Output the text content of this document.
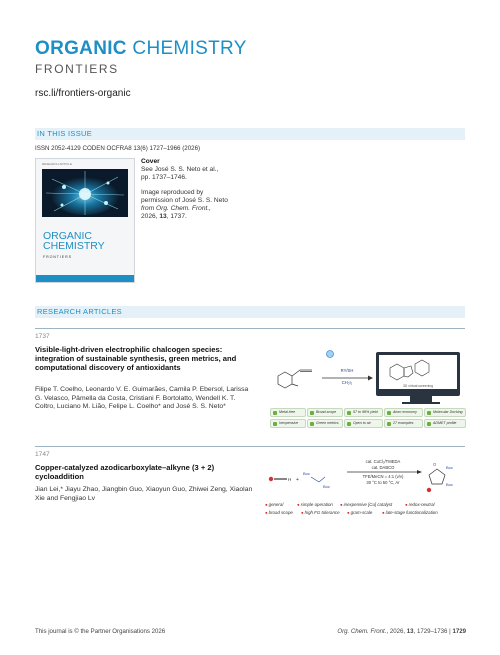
ORGANIC CHEMISTRY
FRONTIERS
rsc.li/frontiers-organic
IN THIS ISSUE
ISSN 2052-4129 CODEN OCFRA8 13(6) 1727–1966 (2026)
RESEARCH ARTICLE
ORGANIC
CHEMISTRY
FRONTIERS
Cover
See José S. S. Neto et al.,
pp. 1737–1746.
Image reproduced by
permission of José S. S. Neto
from Org. Chem. Front.,
2026, 13, 1737.
RESEARCH ARTICLES
1737
Visible-light-driven electrophilic chalcogen species: integration of sustainable synthesis, green metrics, and computational discovery of antioxidants
Filipe T. Coelho, Leonardo V. E. Guimarães, Camila P. Ebersol, Larissa G. Velasco, Pâmella da Costa, Cristiani F. Bortolatto, Wendell K. T. Coltro, Luciano M. Lião, Felipe L. Coelho* and José S. S. Neto*
RY/SH
CH₂I₂
3D virtual screening
Metal-free	Broad scope	57 to 98% yield	Atom economy	Molecular Docking
Inexpensive	Green metrics	Open to air	27 examples	ADMET profile
1747
Copper-catalyzed azodicarboxylate–alkyne (3 + 2) cycloaddition
Jian Lei,* Jiayu Zhao, Jiangbin Guo, Xiaoyun Guo, Zhiwei Zeng, Xiaolan Xie and Fengjiao Lv
H +
Boc
Boc
cat. CuCl₂/TMEDA
cat. DABCO
TFE/MeCN = 4:1 (v/v)
30 °C to 50 °C, Ar
O
Boc
Boc
● general	● simple operation	● inexpensive [Cu] catalyst	● redox-neutral
● broad scope	● high FG tolerance	● gram-scale	● late-stage functionalization
This journal is © the Partner Organisations 2026	Org. Chem. Front., 2026, 13, 1729–1736 | 1729
